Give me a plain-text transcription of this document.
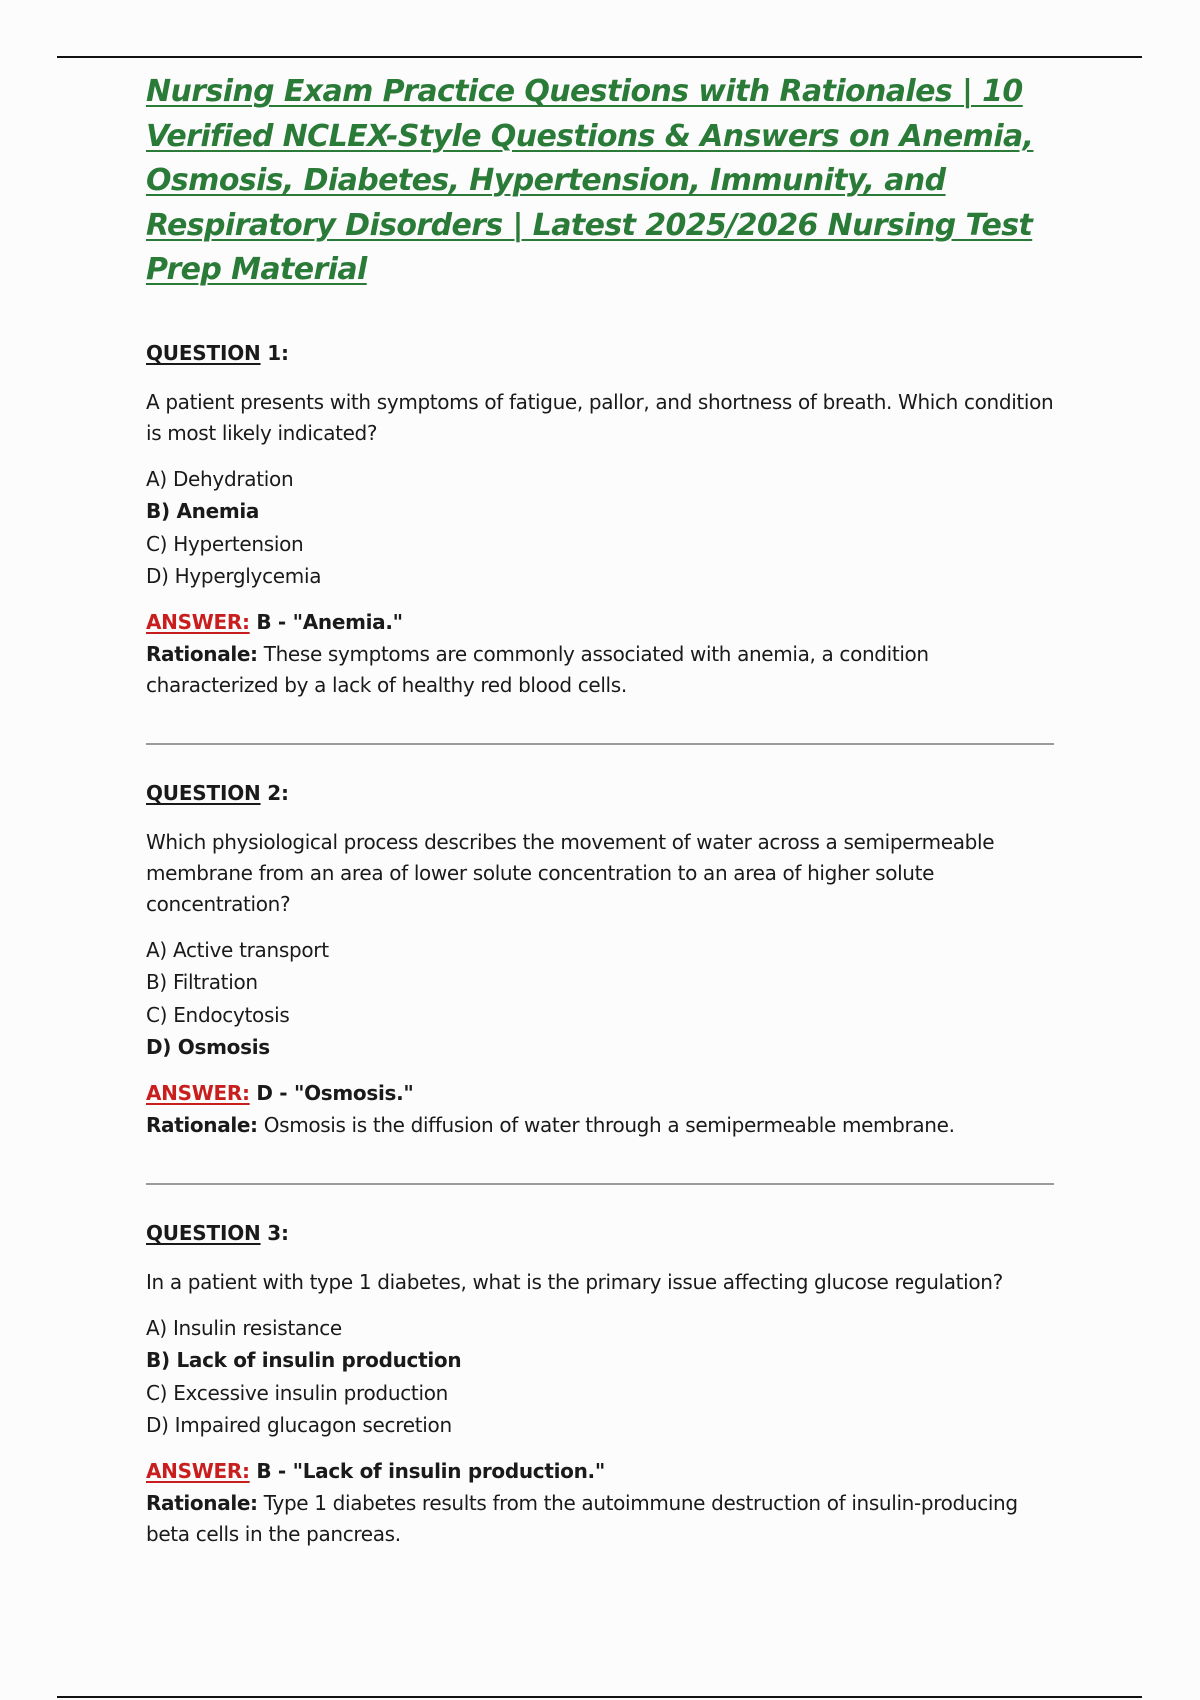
Nursing Exam Practice Questions with Rationales | 10 Verified NCLEX-Style Questions & Answers on Anemia, Osmosis, Diabetes, Hypertension, Immunity, and Respiratory Disorders | Latest 2025/2026 Nursing Test Prep Material

QUESTION 1:

A patient presents with symptoms of fatigue, pallor, and shortness of breath. Which condition is most likely indicated?

A) Dehydration
B) Anemia
C) Hypertension
D) Hyperglycemia

ANSWER: B - "Anemia."

Rationale: These symptoms are commonly associated with anemia, a condition characterized by a lack of healthy red blood cells.

QUESTION 2:

Which physiological process describes the movement of water across a semipermeable membrane from an area of lower solute concentration to an area of higher solute concentration?

A) Active transport
B) Filtration
C) Endocytosis
D) Osmosis

ANSWER: D - "Osmosis."

Rationale: Osmosis is the diffusion of water through a semipermeable membrane.

QUESTION 3:

In a patient with type 1 diabetes, what is the primary issue affecting glucose regulation?

A) Insulin resistance
B) Lack of insulin production
C) Excessive insulin production
D) Impaired glucagon secretion

ANSWER: B - "Lack of insulin production."

Rationale: Type 1 diabetes results from the autoimmune destruction of insulin-producing beta cells in the pancreas.
